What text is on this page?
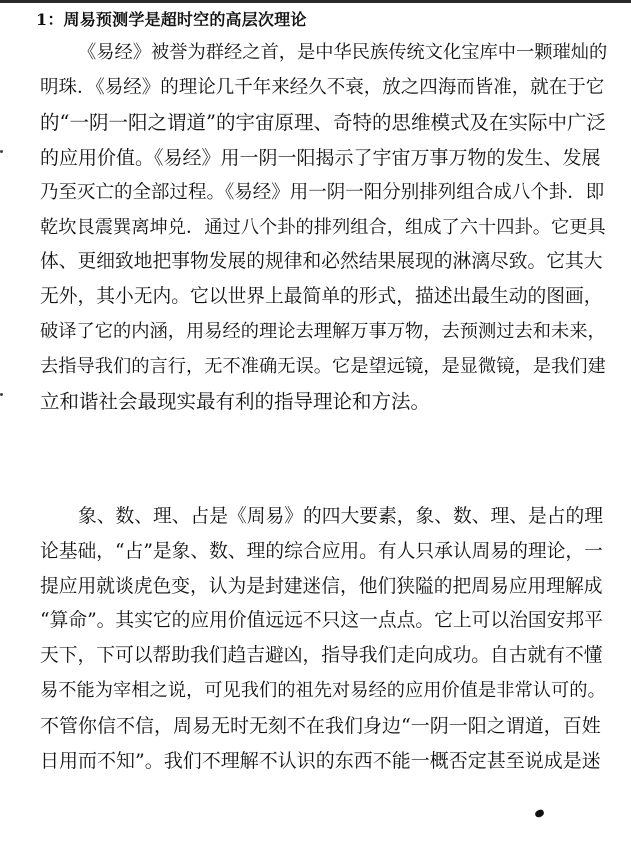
1：周易预测学是超时空的高层次理论
《易经》被誉为群经之首，是中华民族传统文化宝库中一颗璀灿的
明珠．《易经》的理论几千年来经久不衰，放之四海而皆准，就在于它
的“一阴一阳之谓道”的宇宙原理、奇特的思维模式及在实际中广泛
的应用价值。《易经》用一阴一阳揭示了宇宙万事万物的发生、发展
乃至灭亡的全部过程。《易经》用一阴一阳分别排列组合成八个卦．即
乾坎艮震巽离坤兑．通过八个卦的排列组合，组成了六十四卦。它更具
体、更细致地把事物发展的规律和必然结果展现的淋漓尽致。它其大
无外，其小无内。它以世界上最简单的形式，描述出最生动的图画，
破译了它的内涵，用易经的理论去理解万事万物，去预测过去和未来，
去指导我们的言行，无不准确无误。它是望远镜，是显微镜，是我们建
立和谐社会最现实最有利的指导理论和方法。
象、数、理、占是《周易》的四大要素，象、数、理、是占的理
论基础，“占”是象、数、理的综合应用。有人只承认周易的理论，一
提应用就谈虎色变，认为是封建迷信，他们狭隘的把周易应用理解成
“算命”。其实它的应用价值远远不只这一点点。它上可以治国安邦平
天下，下可以帮助我们趋吉避凶，指导我们走向成功。自古就有不懂
易不能为宰相之说，可见我们的祖先对易经的应用价值是非常认可的。
不管你信不信，周易无时无刻不在我们身边“一阴一阳之谓道，百姓
日用而不知”。我们不理解不认识的东西不能一概否定甚至说成是迷
